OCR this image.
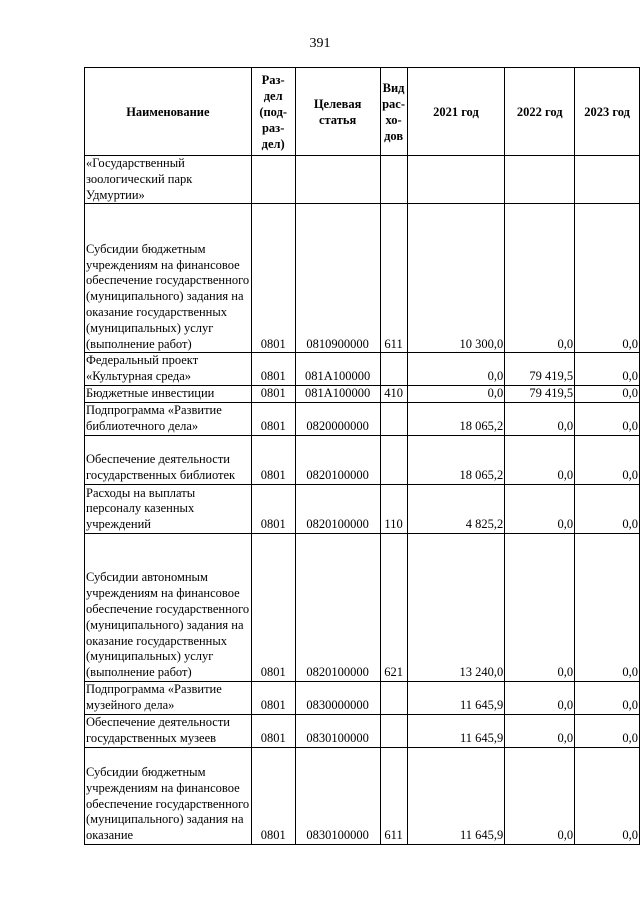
391
Наименование	Раз- дел (под- раз- дел)	Целевая статья	Вид рас- хо- дов	2021 год	2022 год	2023 год
«Государственный зоологический парк Удмуртии»						
Субсидии бюджетным учреждениям на финансовое обеспечение государственного (муниципального) задания на оказание государственных (муниципальных) услуг (выполнение работ)	0801	0810900000	611	10 300,0	0,0	0,0
Федеральный проект «Культурная среда»	0801	081A100000		0,0	79 419,5	0,0
Бюджетные инвестиции	0801	081A100000	410	0,0	79 419,5	0,0
Подпрограмма «Развитие библиотечного дела»	0801	0820000000		18 065,2	0,0	0,0
Обеспечение деятельности государственных библиотек	0801	0820100000		18 065,2	0,0	0,0
Расходы на выплаты персоналу казенных учреждений	0801	0820100000	110	4 825,2	0,0	0,0
Субсидии автономным учреждениям на финансовое обеспечение государственного (муниципального) задания на оказание государственных (муниципальных) услуг (выполнение работ)	0801	0820100000	621	13 240,0	0,0	0,0
Подпрограмма «Развитие музейного дела»	0801	0830000000		11 645,9	0,0	0,0
Обеспечение деятельности государственных музеев	0801	0830100000		11 645,9	0,0	0,0
Субсидии бюджетным учреждениям на финансовое обеспечение государственного (муниципального) задания на оказание	0801	0830100000	611	11 645,9	0,0	0,0
